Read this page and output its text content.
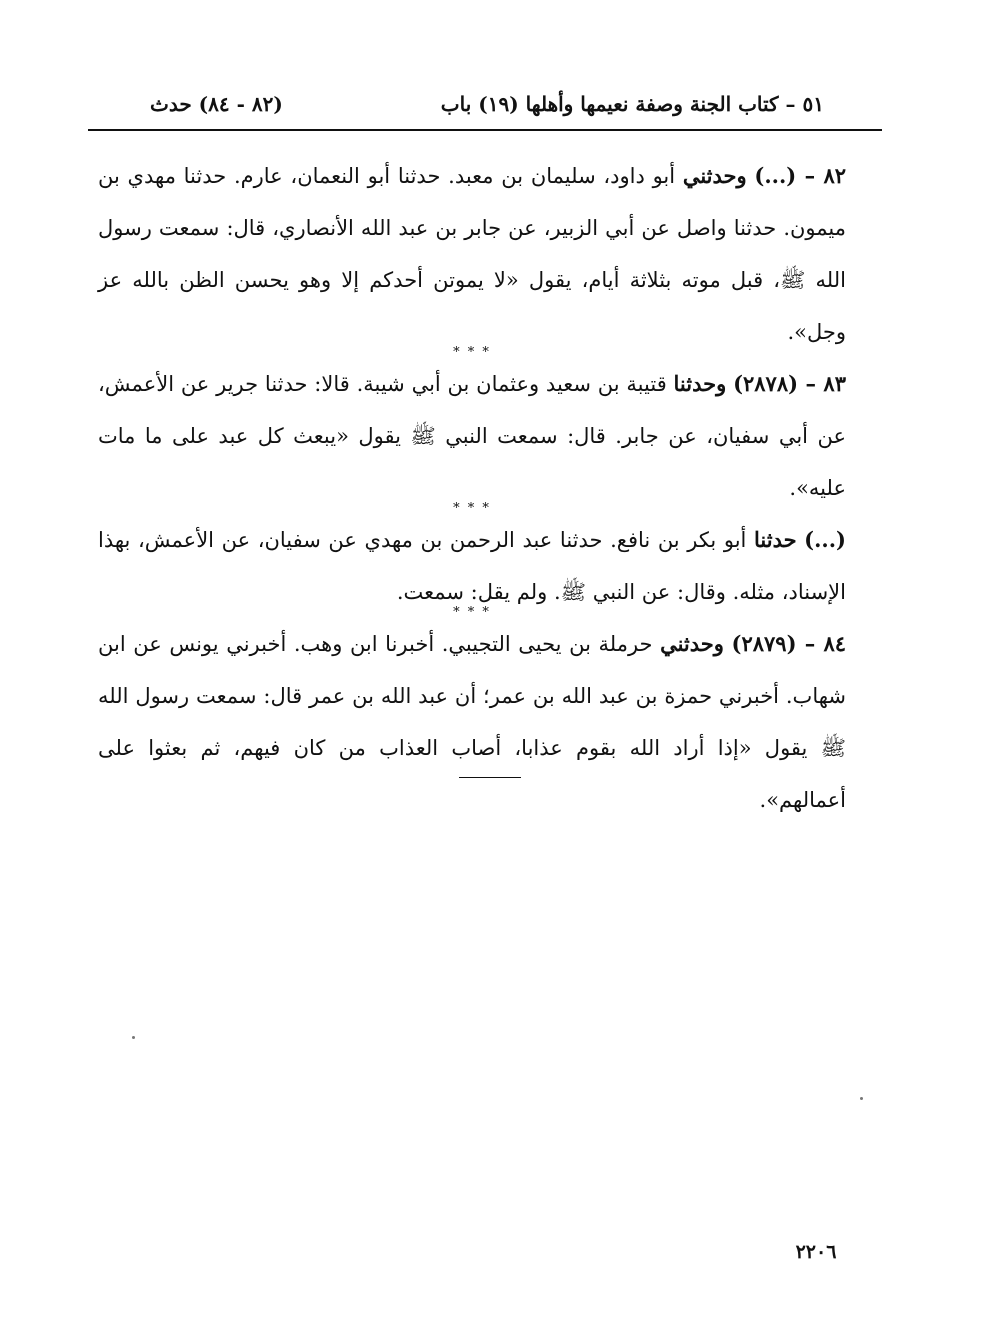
٥١ – كتاب الجنة وصفة نعيمها وأهلها (١٩) باب
(٨٢ - ٨٤) حدث

٨٢ – (...) وحدثني أبو داود، سليمان بن معبد. حدثنا أبو النعمان، عارم. حدثنا مهدي بن ميمون. حدثنا واصل عن أبي الزبير، عن جابر بن عبد الله الأنصاري، قال: سمعت رسول الله ﷺ، قبل موته بثلاثة أيام، يقول «لا يموتن أحدكم إلا وهو يحسن الظن بالله عز وجل».

* * *

٨٣ – (٢٨٧٨) وحدثنا قتيبة بن سعيد وعثمان بن أبي شيبة. قالا: حدثنا جرير عن الأعمش، عن أبي سفيان، عن جابر. قال: سمعت النبي ﷺ يقول «يبعث كل عبد على ما مات عليه».

* * *

(...) حدثنا أبو بكر بن نافع. حدثنا عبد الرحمن بن مهدي عن سفيان، عن الأعمش، بهذا الإسناد، مثله. وقال: عن النبي ﷺ. ولم يقل: سمعت.

* * *

٨٤ – (٢٨٧٩) وحدثني حرملة بن يحيى التجيبي. أخبرنا ابن وهب. أخبرني يونس عن ابن شهاب. أخبرني حمزة بن عبد الله بن عمر؛ أن عبد الله بن عمر قال: سمعت رسول الله ﷺ يقول «إذا أراد الله بقوم عذابا، أصاب العذاب من كان فيهم، ثم بعثوا على أعمالهم».

٢٢٠٦
